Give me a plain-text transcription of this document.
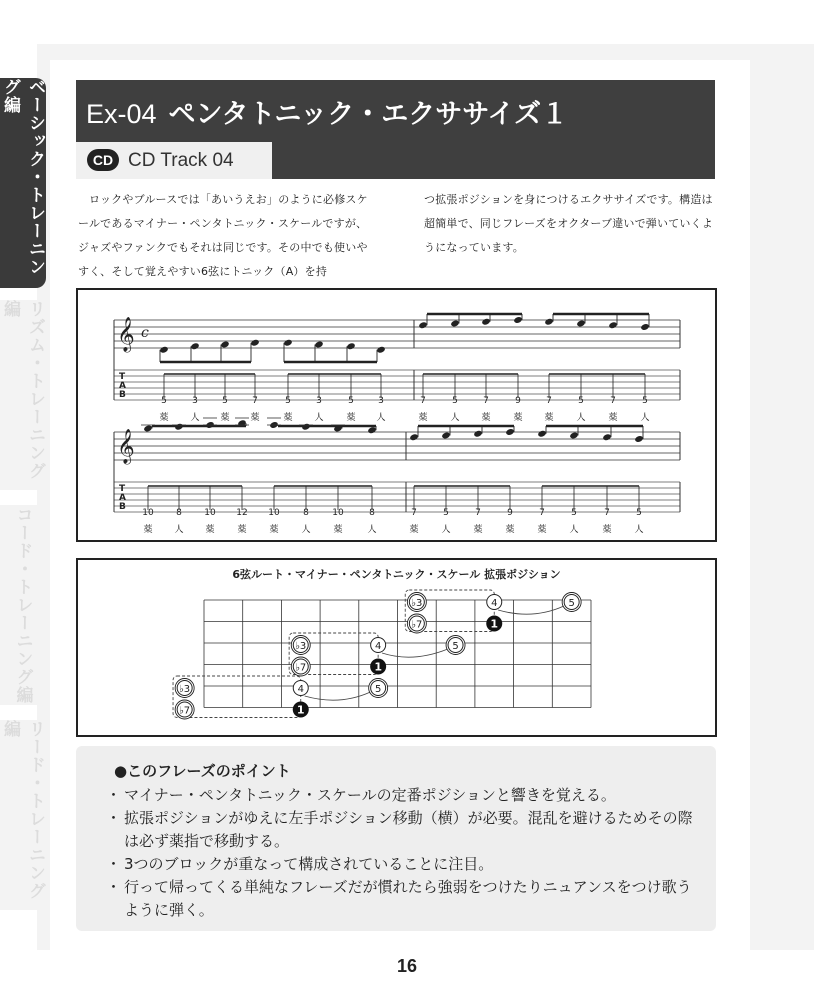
ベーシック・トレーニング編
リズム・トレーニング編
コード・トレーニング編
リード・トレーニング編
Ex-04 ペンタトニック・エクササイズ１
CD CD Track 04

ロックやブルースでは「あいうえお」のように必修スケールであるマイナー・ペンタトニック・スケールですが、ジャズやファンクでもそれは同じです。その中でも使いやすく、そして覚えやすい6弦にトニック（A）を持

つ拡張ポジションを身につけるエクササイズです。構造は超簡単で、同じフレーズをオクターブ違いで弾いていくようになっています。

𝄞 c
T
A
B
5
薬
3
人
5
薬
7
薬
5
薬
3
人
5
薬
3
人
7
薬
5
人
7
薬
9
薬
7
薬
5
人
7
薬
5
人
𝄞
T
A
B
10
薬
8
人
10
薬
12
薬
10
薬
8
人
10
薬
8
人
7
薬
5
人
7
薬
9
薬
7
薬
5
人
7
薬
5
人
6弦ルート・マイナー・ペンタトニック・スケール 拡張ポジション
♭3	4	5
♭7	1
♭3	4	5
♭7	1
♭3	4	5
♭7	1
●このフレーズのポイント
・ マイナー・ペンタトニック・スケールの定番ポジションと響きを覚える。
・ 拡張ポジションがゆえに左手ポジション移動（横）が必要。混乱を避けるためその際は必ず薬指で移動する。
・ 3つのブロックが重なって構成されていることに注目。
・ 行って帰ってくる単純なフレーズだが慣れたら強弱をつけたりニュアンスをつけ歌うように弾く。
16
